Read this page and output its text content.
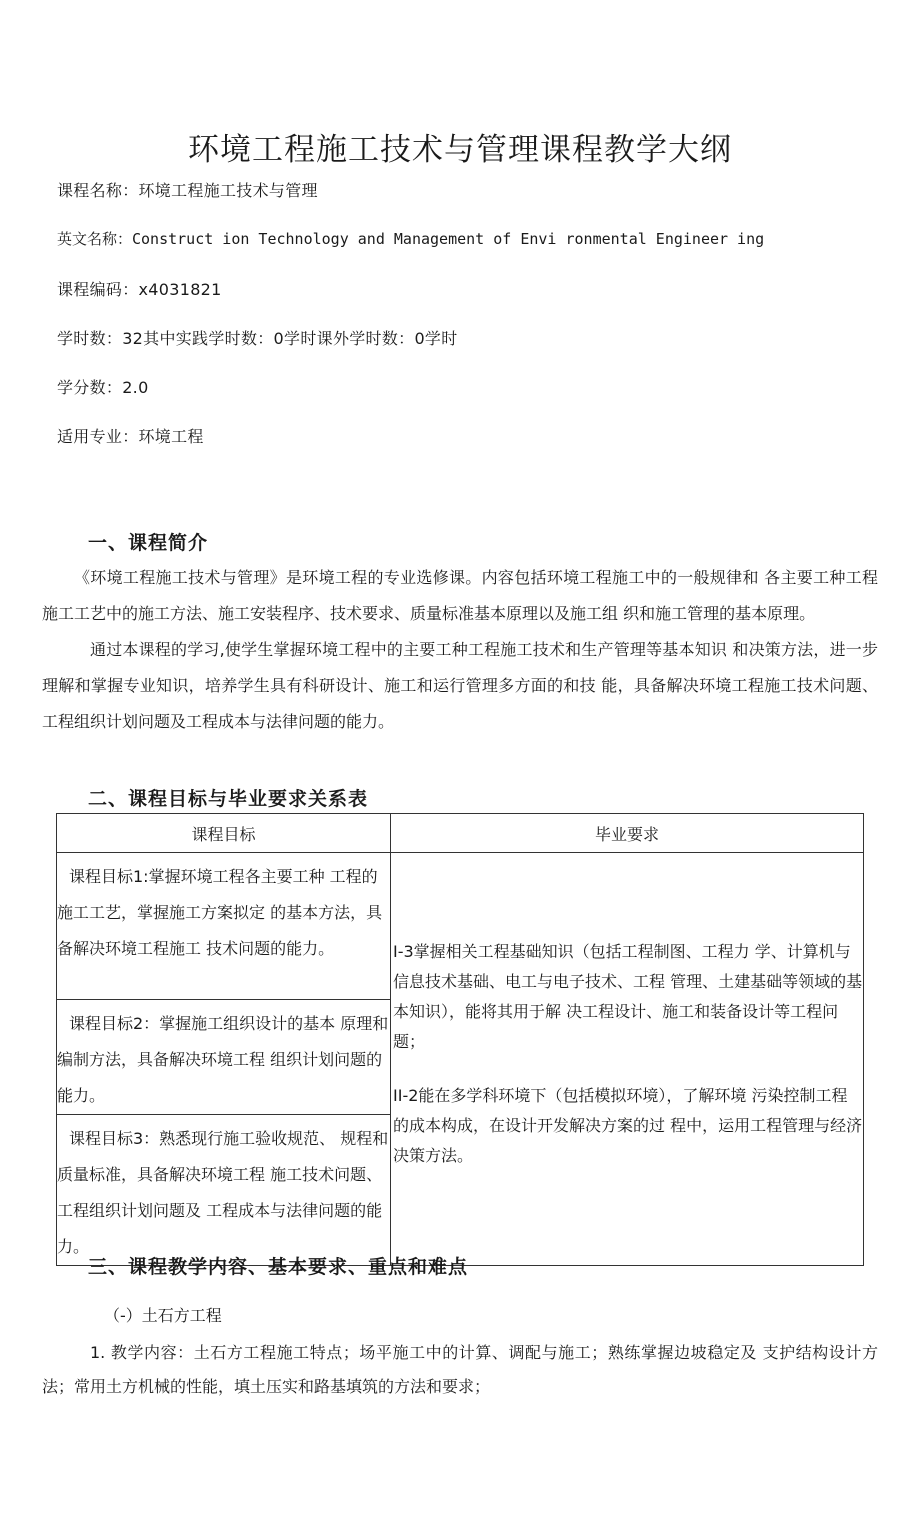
环境工程施工技术与管理课程教学大纲
课程名称：环境工程施工技术与管理
英文名称：Construct ion Technology and Management of Envi ronmental Engineer ing
课程编码：x4031821
学时数：32其中实践学时数：0学时课外学时数：0学时
学分数：2.0
适用专业：环境工程
一、课程简介

《环境工程施工技术与管理》是环境工程的专业选修课。内容包括环境工程施工中的一般规律和 各主要工种工程施工工艺中的施工方法、施工安装程序、技术要求、质量标准基本原理以及施工组 织和施工管理的基本原理。

通过本课程的学习,使学生掌握环境工程中的主要工种工程施工技术和生产管理等基本知识 和决策方法，进一步理解和掌握专业知识，培养学生具有科研设计、施工和运行管理多方面的和技 能，具备解决环境工程施工技术问题、工程组织计划问题及工程成本与法律问题的能力。

二、课程目标与毕业要求关系表
课程目标	毕业要求

课程目标1:掌握环境工程各主要工种 工程的施工工艺，掌握施工方案拟定 的基本方法，具备解决环境工程施工 技术问题的能力。	I-3掌握相关工程基础知识（包括工程制图、工程力 学、计算机与信息技术基础、电工与电子技术、工程 管理、土建基础等领域的基本知识），能将其用于解 决工程设计、施工和装备设计等工程问题；
II-2能在多学科环境下（包括模拟环境），了解环境 污染控制工程的成本构成，在设计开发解决方案的过 程中，运用工程管理与经济决策方法。

课程目标2：掌握施工组织设计的基本 原理和编制方法，具备解决环境工程 组织计划问题的能力。	

课程目标3：熟悉现行施工验收规范、 规程和质量标准，具备解决环境工程 施工技术问题、工程组织计划问题及 工程成本与法律问题的能力。	
三、课程教学内容、基本要求、重点和难点
（-）土石方工程
1. 教学内容：土石方工程施工特点；场平施工中的计算、调配与施工；熟练掌握边坡稳定及 支护结构设计方法；常用土方机械的性能，填土压实和路基填筑的方法和要求；
